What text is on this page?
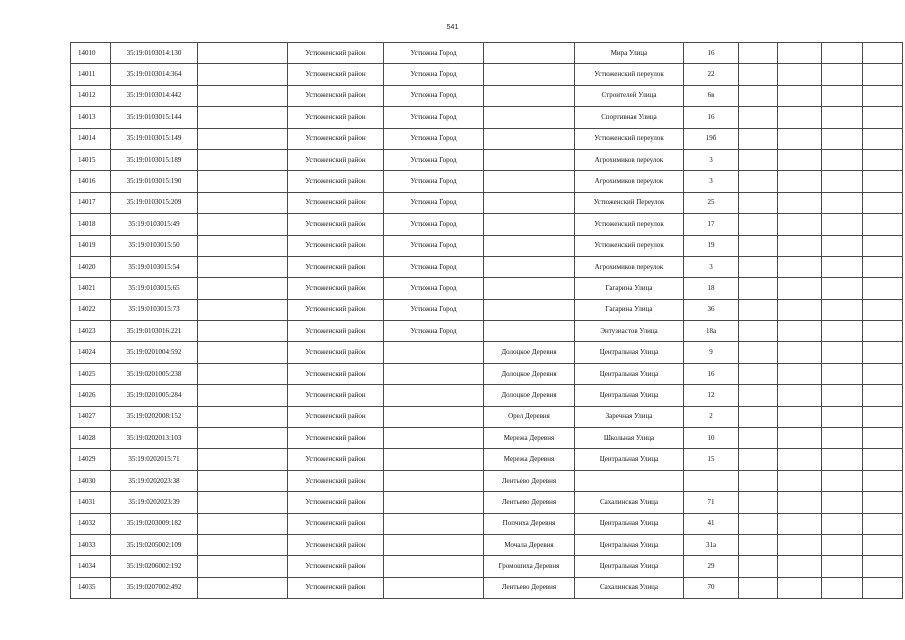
541
14010	35:19:0103014:130		Устюженский район	Устюжна Город		Мира Улица	16				
14011	35:19:0103014:364		Устюженский район	Устюжна Город		Устюженский переулок	22				
14012	35:19:0103014:442		Устюженский район	Устюжна Город		Строителей Улица	6в				
14013	35:19:0103015:144		Устюженский район	Устюжна Город		Спортивная Улица	16				
14014	35:19:0103015:149		Устюженский район	Устюжна Город		Устюженский переулок	19б				
14015	35:19:0103015:189		Устюженский район	Устюжна Город		Агрохимиков переулок	3				
14016	35:19:0103015:190		Устюженский район	Устюжна Город		Агрохимиков переулок	3				
14017	35:19:0103015:209		Устюженский район	Устюжна Город		Устюженский Переулок	25				
14018	35:19:0103015:49		Устюженский район	Устюжна Город		Устюженский переулок	17				
14019	35:19:0103015:50		Устюженский район	Устюжна Город		Устюженский переулок	19				
14020	35:19:0103015:54		Устюженский район	Устюжна Город		Агрохимиков переулок	3				
14021	35:19:0103015:65		Устюженский район	Устюжна Город		Гагарина Улица	18				
14022	35:19:0103015:73		Устюженский район	Устюжна Город		Гагарина Улица	36				
14023	35:19:0103016:221		Устюженский район	Устюжна Город		Энтузиастов Улица	18а				
14024	35:19:0201004:592		Устюженский район		Долоцкое Деревня	Центральная Улица	9				
14025	35:19:0201005:238		Устюженский район		Долоцкое Деревня	Центральная Улица	16				
14026	35:19:0201005:284		Устюженский район		Долоцкое Деревня	Центральная Улица	12				
14027	35:19:0202008:152		Устюженский район		Орел Деревня	Заречная Улица	2				
14028	35:19:0202013:103		Устюженский район		Мережа Деревня	Школьная Улица	10				
14029	35:19:0202015:71		Устюженский район		Мережа Деревня	Центральная Улица	15				
14030	35:19:0202023:38		Устюженский район		Лентьево Деревня						
14031	35:19:0202023:39		Устюженский район		Лентьево Деревня	Сахалинская Улица	71				
14032	35:19:0203009:182		Устюженский район		Попчиха Деревня	Центральная Улица	41				
14033	35:19:0205002:109		Устюженский район		Мочала Деревня	Центральная Улица	31а				
14034	35:19:0206002:192		Устюженский район		Громошиха Деревня	Центральная Улица	29				
14035	35:19:0207002:492		Устюженский район		Лентьево Деревня	Сахалинская Улица	70				
